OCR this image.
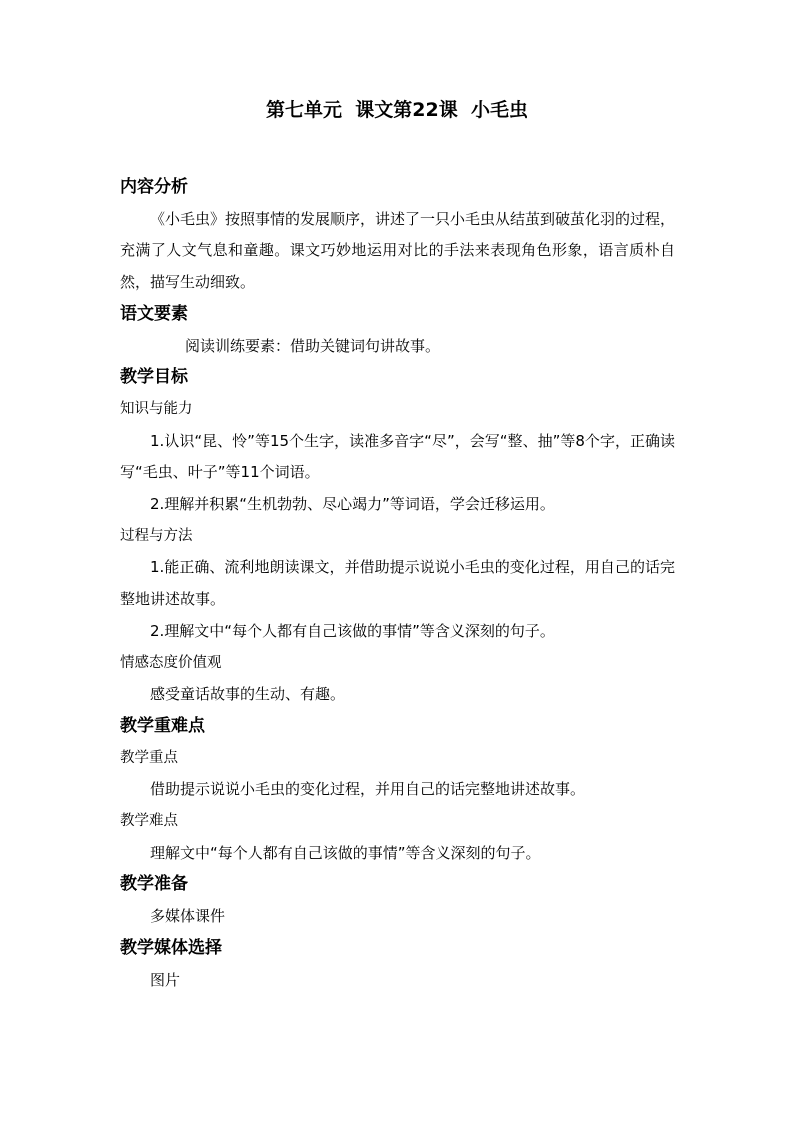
第七单元  课文第22课  小毛虫
内容分析

《小毛虫》按照事情的发展顺序，讲述了一只小毛虫从结茧到破茧化羽的过程，充满了人文气息和童趣。课文巧妙地运用对比的手法来表现角色形象，语言质朴自然，描写生动细致。

语文要素

阅读训练要素：借助关键词句讲故事。

教学目标
知识与能力

1.认识“昆、怜”等15个生字，读准多音字“尽”，会写“整、抽”等8个字，正确读写“毛虫、叶子”等11个词语。

2.理解并积累“生机勃勃、尽心竭力”等词语，学会迁移运用。

过程与方法

1.能正确、流利地朗读课文，并借助提示说说小毛虫的变化过程，用自己的话完整地讲述故事。

2.理解文中“每个人都有自己该做的事情”等含义深刻的句子。

情感态度价值观

感受童话故事的生动、有趣。

教学重难点
教学重点

借助提示说说小毛虫的变化过程，并用自己的话完整地讲述故事。

教学难点

理解文中“每个人都有自己该做的事情”等含义深刻的句子。

教学准备

多媒体课件

教学媒体选择

图片
